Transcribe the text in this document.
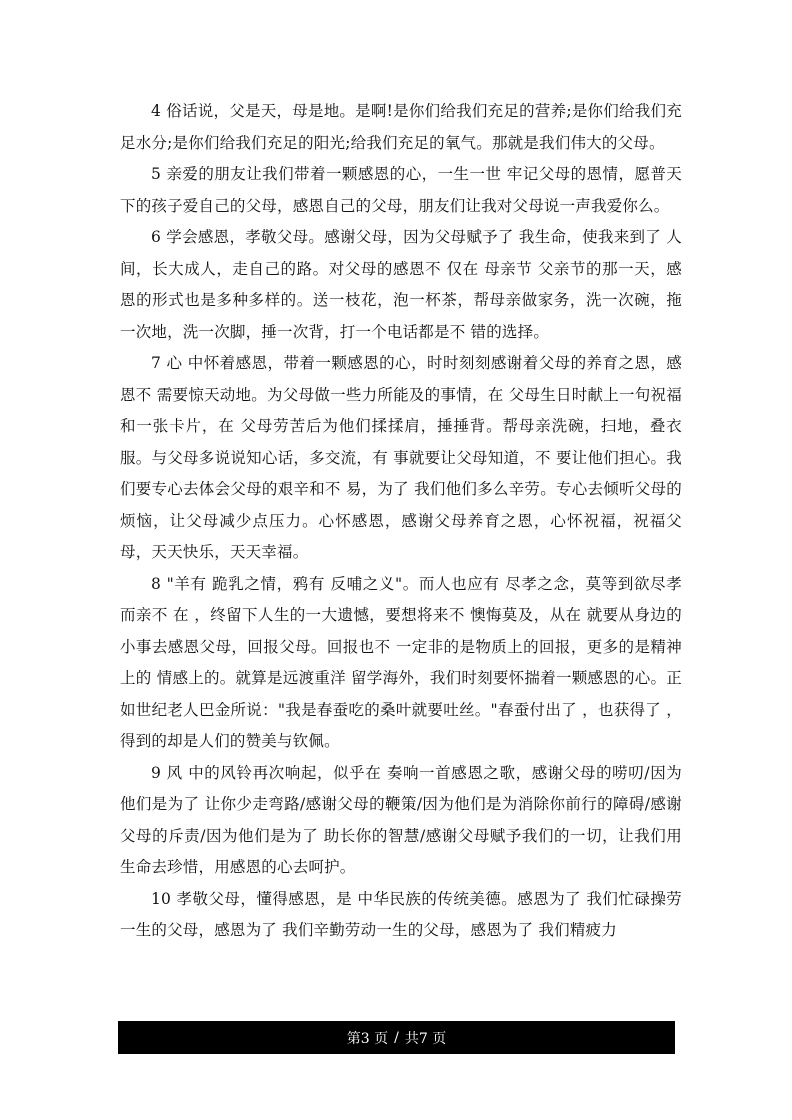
4 俗话说，父是天，母是地。是啊!是你们给我们充足的营养;是你们给我们充足水分;是你们给我们充足的阳光;给我们充足的氧气。那就是我们伟大的父母。

5 亲爱的朋友让我们带着一颗感恩的心，一生一世 牢记父母的恩情，愿普天下的孩子爱自己的父母，感恩自己的父母，朋友们让我对父母说一声我爱你么。

6 学会感恩，孝敬父母。感谢父母，因为父母赋予了 我生命，使我来到了 人间，长大成人，走自己的路。对父母的感恩不 仅在 母亲节 父亲节的那一天，感恩的形式也是多种多样的。送一枝花，泡一杯茶，帮母亲做家务，洗一次碗，拖一次地，洗一次脚，捶一次背，打一个电话都是不 错的选择。

7 心 中怀着感恩，带着一颗感恩的心，时时刻刻感谢着父母的养育之恩，感恩不 需要惊天动地。为父母做一些力所能及的事情，在 父母生日时献上一句祝福和一张卡片，在 父母劳苦后为他们揉揉肩，捶捶背。帮母亲洗碗，扫地，叠衣服。与父母多说说知心话，多交流，有 事就要让父母知道，不 要让他们担心。我们要专心去体会父母的艰辛和不 易，为了 我们他们多么辛劳。专心去倾听父母的烦恼，让父母减少点压力。心怀感恩，感谢父母养育之恩，心怀祝福，祝福父母，天天快乐，天天幸福。

8 "羊有 跪乳之情，鸦有 反哺之义"。而人也应有 尽孝之念，莫等到欲尽孝而亲不 在 ，终留下人生的一大遗憾，要想将来不 懊悔莫及，从在 就要从身边的小事去感恩父母，回报父母。回报也不 一定非的是物质上的回报，更多的是精神上的 情感上的。就算是远渡重洋 留学海外，我们时刻要怀揣着一颗感恩的心。正如世纪老人巴金所说："我是春蚕吃的桑叶就要吐丝。"春蚕付出了 ，也获得了 ，得到的却是人们的赞美与钦佩。

9 风 中的风铃再次响起，似乎在 奏响一首感恩之歌，感谢父母的唠叨/因为他们是为了 让你少走弯路/感谢父母的鞭策/因为他们是为消除你前行的障碍/感谢父母的斥责/因为他们是为了 助长你的智慧/感谢父母赋予我们的一切，让我们用生命去珍惜，用感恩的心去呵护。

10 孝敬父母，懂得感恩，是 中华民族的传统美德。感恩为了 我们忙碌操劳一生的父母，感恩为了 我们辛勤劳动一生的父母，感恩为了 我们精疲力

第3 页 / 共7 页
